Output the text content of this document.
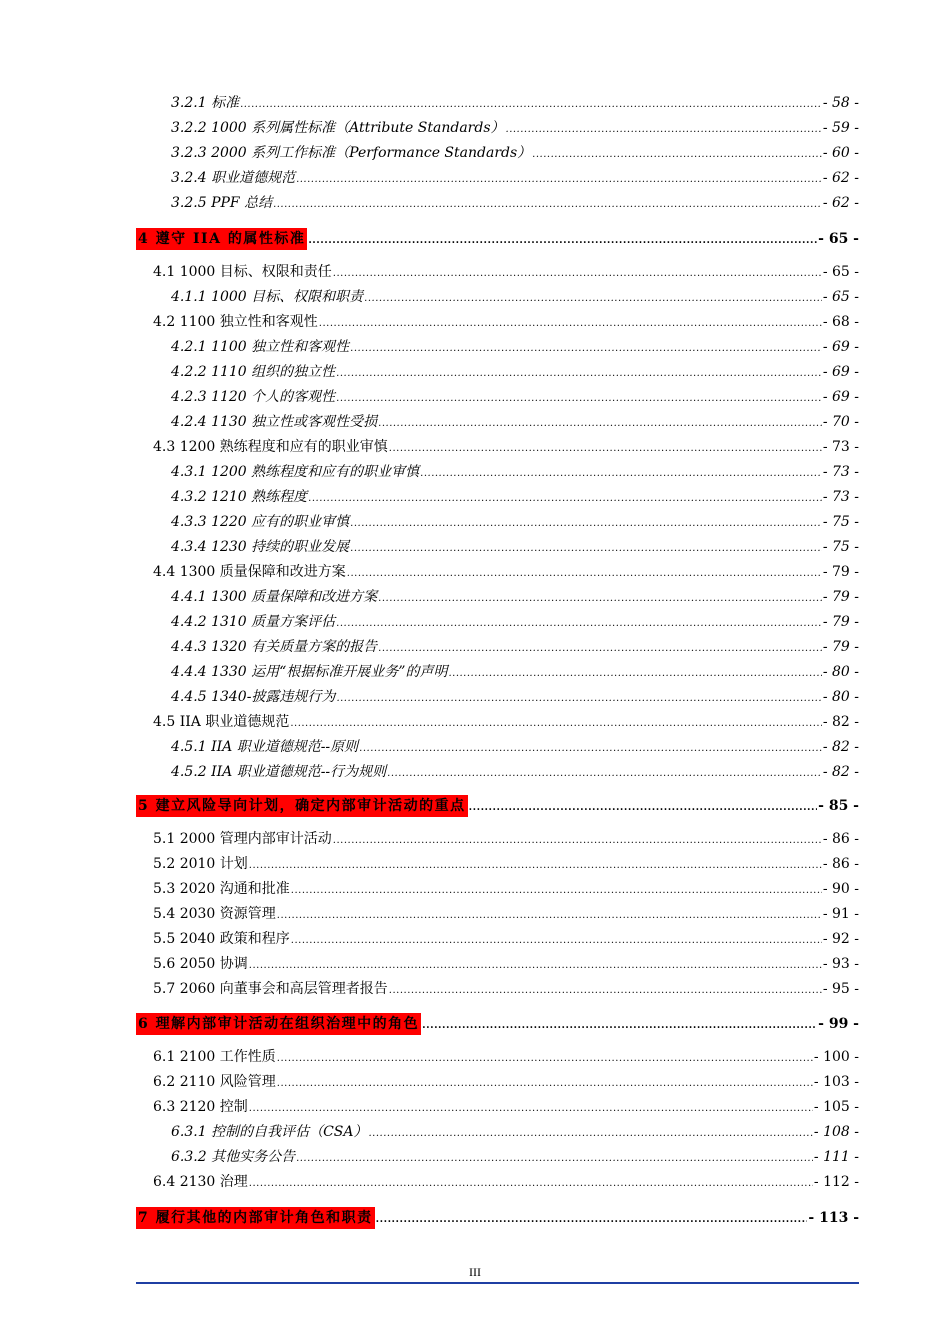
3.2.1 标准 .....	- 58 -
3.2.2 1000 系列属性标准（Attribute Standards） .....	- 59 -
3.2.3 2000 系列工作标准（Performance Standards） .....	- 60 -
3.2.4 职业道德规范 .....	- 62 -
3.2.5 PPF 总结 .....	- 62 -
4 遵守 IIA 的属性标准 .....	- 65 -
4.1 1000 目标、权限和责任 .....	- 65 -
4.1.1 1000 目标、权限和职责 .....	- 65 -
4.2 1100 独立性和客观性 .....	- 68 -
4.2.1 1100 独立性和客观性 .....	- 69 -
4.2.2 1110 组织的独立性 .....	- 69 -
4.2.3 1120 个人的客观性 .....	- 69 -
4.2.4 1130 独立性或客观性受损 .....	- 70 -
4.3 1200 熟练程度和应有的职业审慎 .....	- 73 -
4.3.1 1200 熟练程度和应有的职业审慎 .....	- 73 -
4.3.2 1210 熟练程度 .....	- 73 -
4.3.3 1220 应有的职业审慎 .....	- 75 -
4.3.4 1230 持续的职业发展 .....	- 75 -
4.4 1300 质量保障和改进方案 .....	- 79 -
4.4.1 1300 质量保障和改进方案 .....	- 79 -
4.4.2 1310 质量方案评估 .....	- 79 -
4.4.3 1320 有关质量方案的报告 .....	- 79 -
4.4.4 1330 运用“根据标准开展业务”的声明 .....	- 80 -
4.4.5 1340-披露违规行为 .....	- 80 -
4.5 IIA 职业道德规范 .....	- 82 -
4.5.1 IIA 职业道德规范--原则 .....	- 82 -
4.5.2 IIA 职业道德规范--行为规则 .....	- 82 -
5 建立风险导向计划，确定内部审计活动的重点 .....	- 85 -
5.1 2000 管理内部审计活动 .....	- 86 -
5.2 2010 计划 .....	- 86 -
5.3 2020 沟通和批准 .....	- 90 -
5.4 2030 资源管理 .....	- 91 -
5.5 2040 政策和程序 .....	- 92 -
5.6 2050 协调 .....	- 93 -
5.7 2060 向董事会和高层管理者报告 .....	- 95 -
6 理解内部审计活动在组织治理中的角色 .....	- 99 -
6.1 2100 工作性质 .....	- 100 -
6.2 2110 风险管理 .....	- 103 -
6.3 2120 控制 .....	- 105 -
6.3.1 控制的自我评估（CSA） .....	- 108 -
6.3.2 其他实务公告 .....	- 111 -
6.4 2130 治理 .....	- 112 -
7 履行其他的内部审计角色和职责 .....	- 113 -
III
